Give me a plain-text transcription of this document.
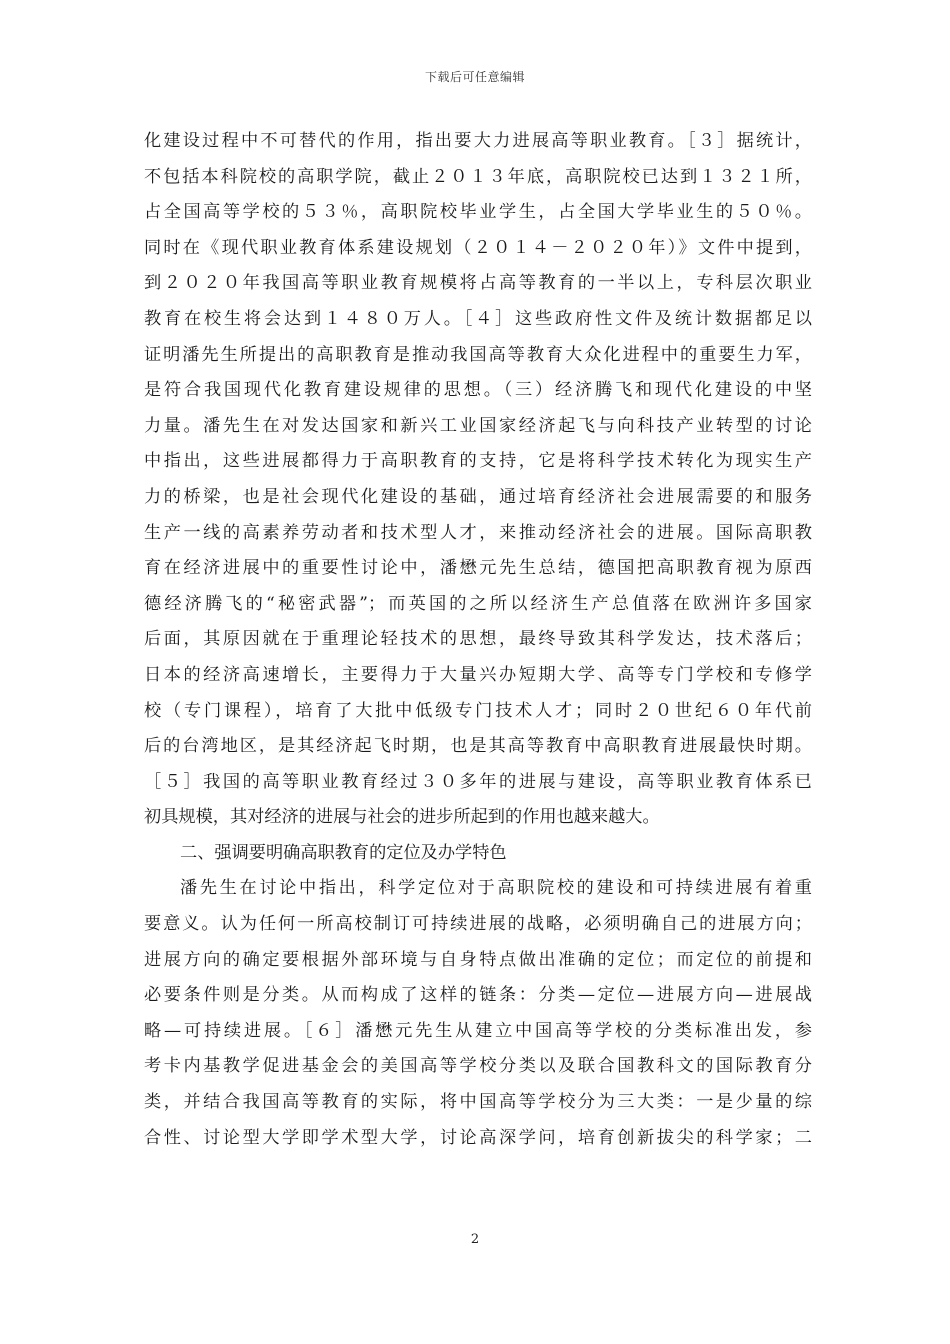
下载后可任意编辑
化建设过程中不可替代的作用，指出要大力进展高等职业教育。［３］据统计，
不包括本科院校的高职学院，截止２０１３年底，高职院校已达到１３２１所，
占全国高等学校的５３％，高职院校毕业学生，占全国大学毕业生的５０％。
同时在《现代职业教育体系建设规划（２０１４－２０２０年）》文件中提到，
到２０２０年我国高等职业教育规模将占高等教育的一半以上，专科层次职业
教育在校生将会达到１４８０万人。［４］这些政府性文件及统计数据都足以
证明潘先生所提出的高职教育是推动我国高等教育大众化进程中的重要生力军，
是符合我国现代化教育建设规律的思想。（三）经济腾飞和现代化建设的中坚
力量。潘先生在对发达国家和新兴工业国家经济起飞与向科技产业转型的讨论
中指出，这些进展都得力于高职教育的支持，它是将科学技术转化为现实生产
力的桥梁，也是社会现代化建设的基础，通过培育经济社会进展需要的和服务
生产一线的高素养劳动者和技术型人才，来推动经济社会的进展。国际高职教
育在经济进展中的重要性讨论中，潘懋元先生总结，德国把高职教育视为原西
德经济腾飞的“秘密武器”；而英国的之所以经济生产总值落在欧洲许多国家
后面，其原因就在于重理论轻技术的思想，最终导致其科学发达，技术落后；
日本的经济高速增长，主要得力于大量兴办短期大学、高等专门学校和专修学
校（专门课程），培育了大批中低级专门技术人才；同时２０世纪６０年代前
后的台湾地区，是其经济起飞时期，也是其高等教育中高职教育进展最快时期。
［５］我国的高等职业教育经过３０多年的进展与建设，高等职业教育体系已
初具规模，其对经济的进展与社会的进步所起到的作用也越来越大。
二、强调要明确高职教育的定位及办学特色
潘先生在讨论中指出，科学定位对于高职院校的建设和可持续进展有着重
要意义。认为任何一所高校制订可持续进展的战略，必须明确自己的进展方向；
进展方向的确定要根据外部环境与自身特点做出准确的定位；而定位的前提和
必要条件则是分类。从而构成了这样的链条：分类—定位—进展方向—进展战
略—可持续进展。［６］潘懋元先生从建立中国高等学校的分类标准出发，参
考卡内基教学促进基金会的美国高等学校分类以及联合国教科文的国际教育分
类，并结合我国高等教育的实际，将中国高等学校分为三大类：一是少量的综
合性、讨论型大学即学术型大学，讨论高深学问，培育创新拔尖的科学家；二
2
